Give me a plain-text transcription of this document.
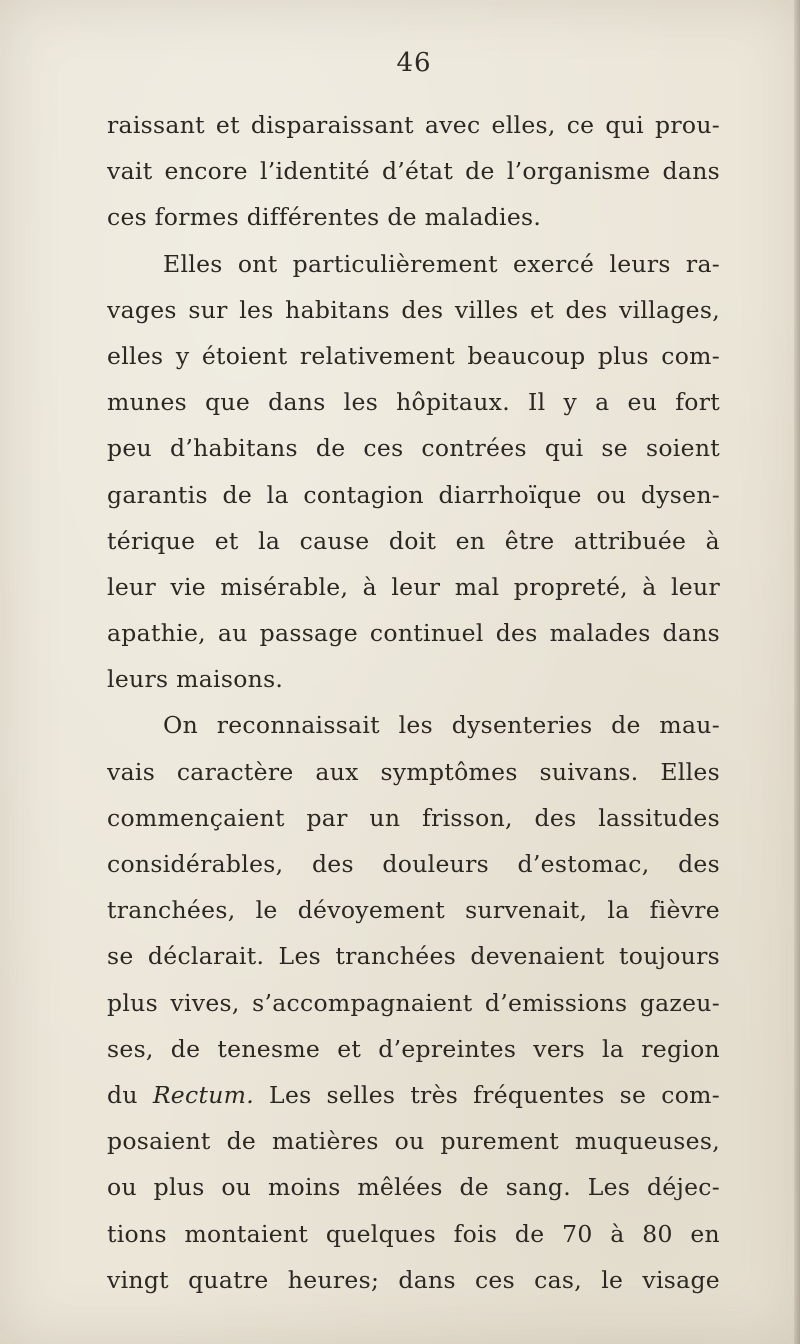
46
raissant et disparaissant avec elles, ce qui prou-
vait encore l’identité d’état de l’organisme dans
ces formes différentes de maladies.
Elles ont particulièrement exercé leurs ra-
vages sur les habitans des villes et des villages,
elles y étoient relativement beaucoup plus com-
munes que dans les hôpitaux. Il y a eu fort
peu d’habitans de ces contrées qui se soient
garantis de la contagion diarrhoïque ou dysen-
térique et la cause doit en être attribuée à
leur vie misérable, à leur mal propreté, à leur
apathie, au passage continuel des malades dans
leurs maisons.
On reconnaissait les dysenteries de mau-
vais caractère aux symptômes suivans. Elles
commençaient par un frisson, des lassitudes
considérables, des douleurs d’estomac, des
tranchées, le dévoyement survenait, la fièvre
se déclarait. Les tranchées devenaient toujours
plus vives, s’accompagnaient d’emissions gazeu-
ses, de tenesme et d’epreintes vers la region
du Rectum. Les selles très fréquentes se com-
posaient de matières ou purement muqueuses,
ou plus ou moins mêlées de sang. Les déjec-
tions montaient quelques fois de 70 à 80 en
vingt quatre heures; dans ces cas, le visage
